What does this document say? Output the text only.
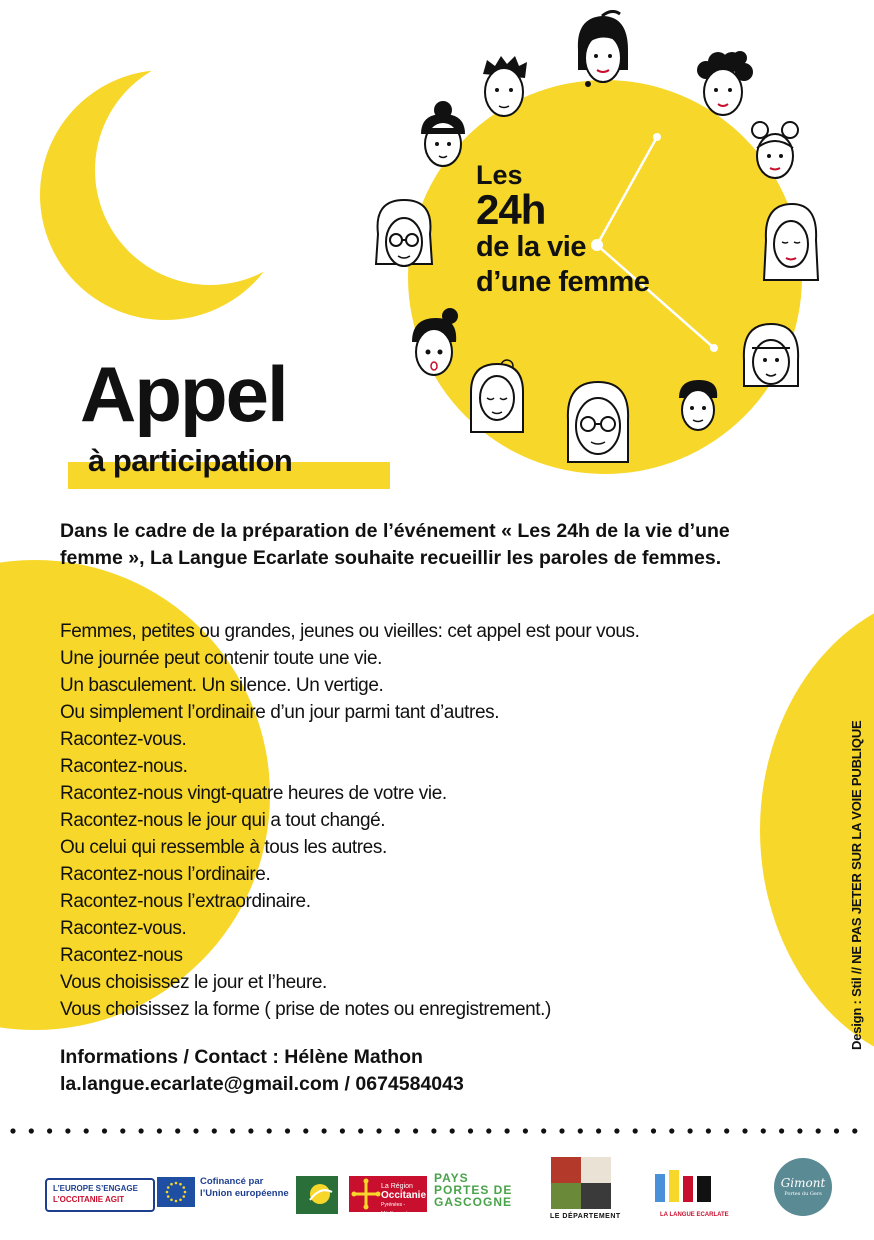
Les
24h
de la vie
d’une femme
Appel
à participation
Dans le cadre de la préparation de l’événement « Les 24h de la vie d’une femme », La Langue Ecarlate souhaite recueillir les paroles de femmes.
Femmes, petites ou grandes, jeunes ou vieilles: cet appel est pour vous.
Une journée peut contenir toute une vie.
Un basculement. Un silence. Un vertige.
Ou simplement l’ordinaire d’un jour parmi tant d’autres.
Racontez-vous.
Racontez-nous.
Racontez-nous vingt-quatre heures de votre vie.
Racontez-nous le jour qui a tout changé.
Ou celui qui ressemble à tous les autres.
Racontez-nous l’ordinaire.
Racontez-nous l’extraordinaire.
Racontez-vous.
Racontez-nous
Vous choisissez le jour et l’heure.
Vous choisissez la forme ( prise de notes ou enregistrement.)
Informations / Contact : Hélène Mathon
la.langue.ecarlate@gmail.com / 0674584043
Design : Stil // NE PAS JETER SUR LA VOIE PUBLIQUE
L’EUROPE S’ENGAGE
L’OCCITANIE AGIT
Cofinancé par
l’Union européenne
La Région
Occitanie
Pyrénées - Méditerranée
PAYS
PORTES DE
GASCOGNE
LE DÉPARTEMENT	LA LANGUE ECARLATE
Gimont
Portes du Gers
